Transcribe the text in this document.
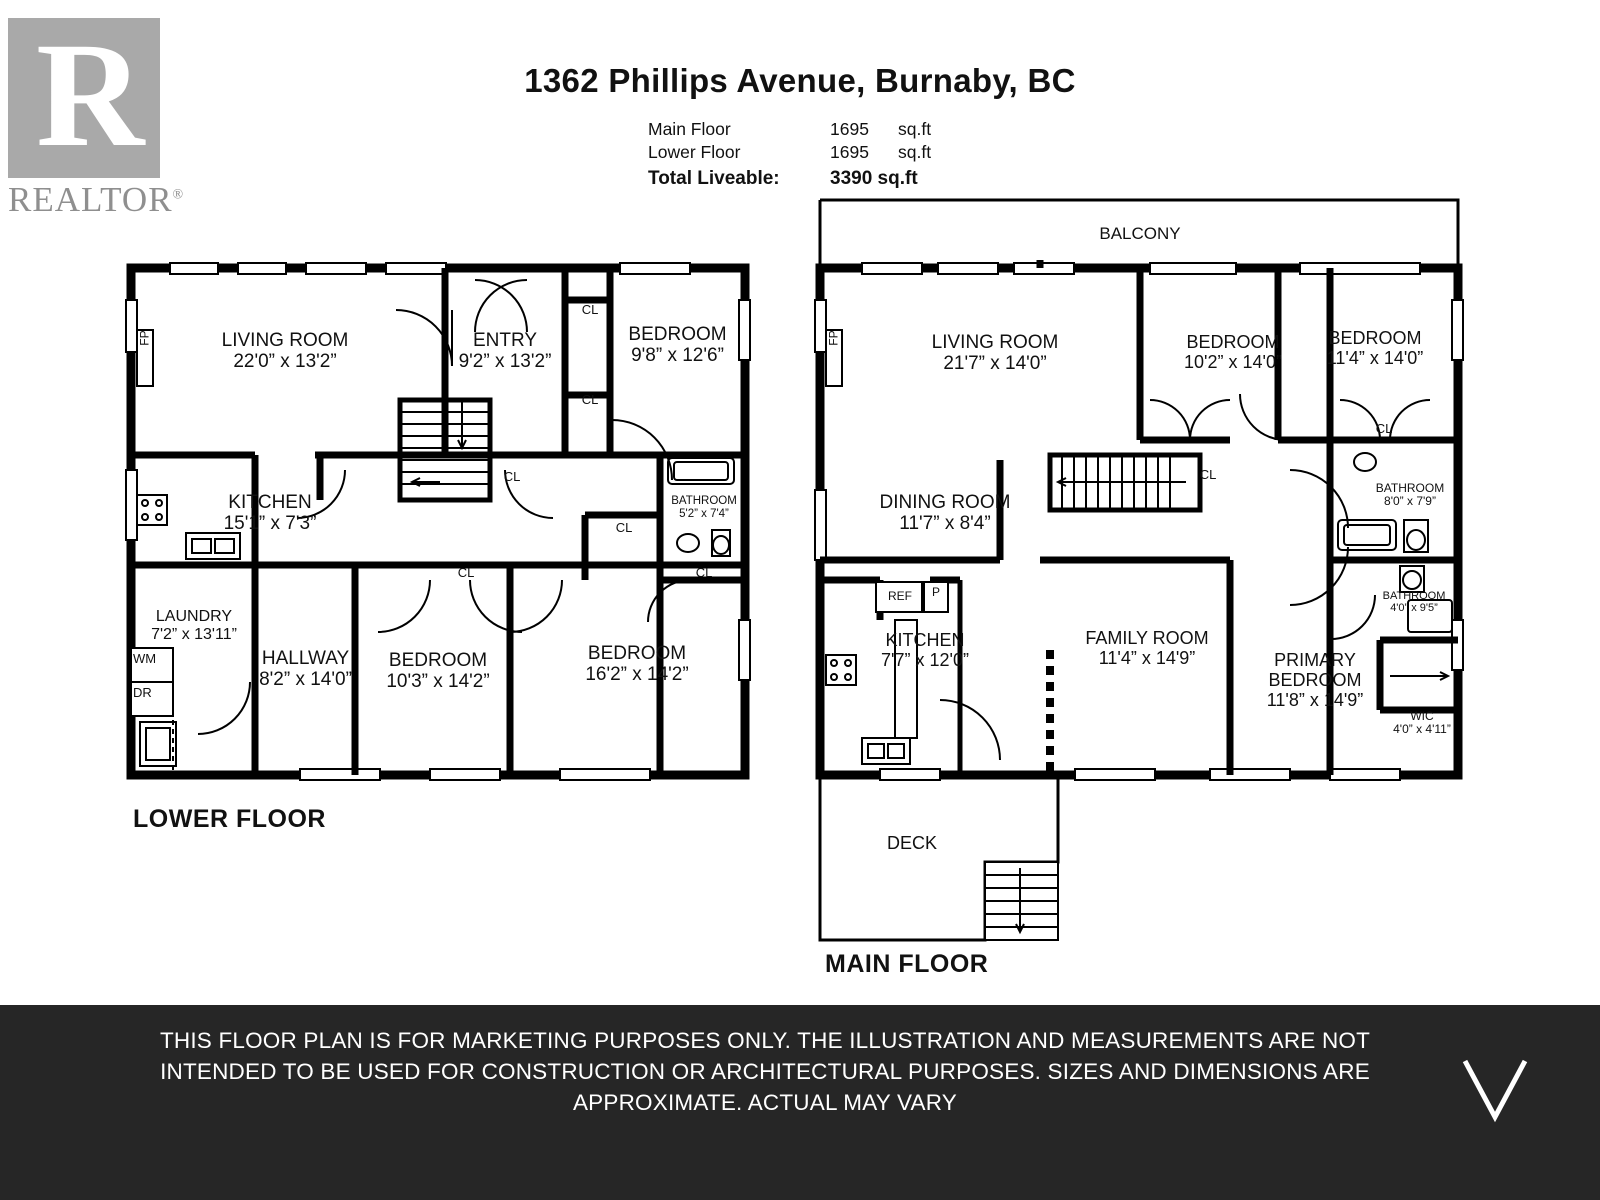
R
REALTOR®
1362 Phillips Avenue, Burnaby, BC
Main Floor	1695	sq.ft
Lower Floor	1695	sq.ft
Total Liveable:	3390 sq.ft	
LIVING ROOM
22'0” x 13'2”
ENTRY
9'2” x 13'2”
BEDROOM
9'8” x 12'6”
KITCHEN
15'1” x 7'3”
BATHROOM
5'2” x 7'4”
LAUNDRY
7'2” x 13'11”
HALLWAY
8'2” x 14'0”
BEDROOM
10'3” x 14'2”
BEDROOM
16'2” x 14'2”
CL
CL
CL
CL
CL	CL
FP
WM
DR
BALCONY
LIVING ROOM
21'7” x 14'0”
BEDROOM
10'2” x 14'0”
BEDROOM
11'4” x 14'0”
DINING ROOM
11'7” x 8'4”
BATHROOM
8'0” x 7'9”
BATHROOM
4'0” x 9'5”
KITCHEN
7'7” x 12'0”
FAMILY ROOM
11'4” x 14'9”	PRIMARY
BEDROOM
11'8” x 14'9”
WIC
4'0” x 4'11”
DECK
CL
CL
FP
REF	P
LOWER FLOOR
MAIN FLOOR
THIS FLOOR PLAN IS FOR MARKETING PURPOSES ONLY. THE ILLUSTRATION AND MEASUREMENTS ARE NOT INTENDED TO BE USED FOR CONSTRUCTION OR ARCHITECTURAL PURPOSES. SIZES AND DIMENSIONS ARE APPROXIMATE. ACTUAL MAY VARY
